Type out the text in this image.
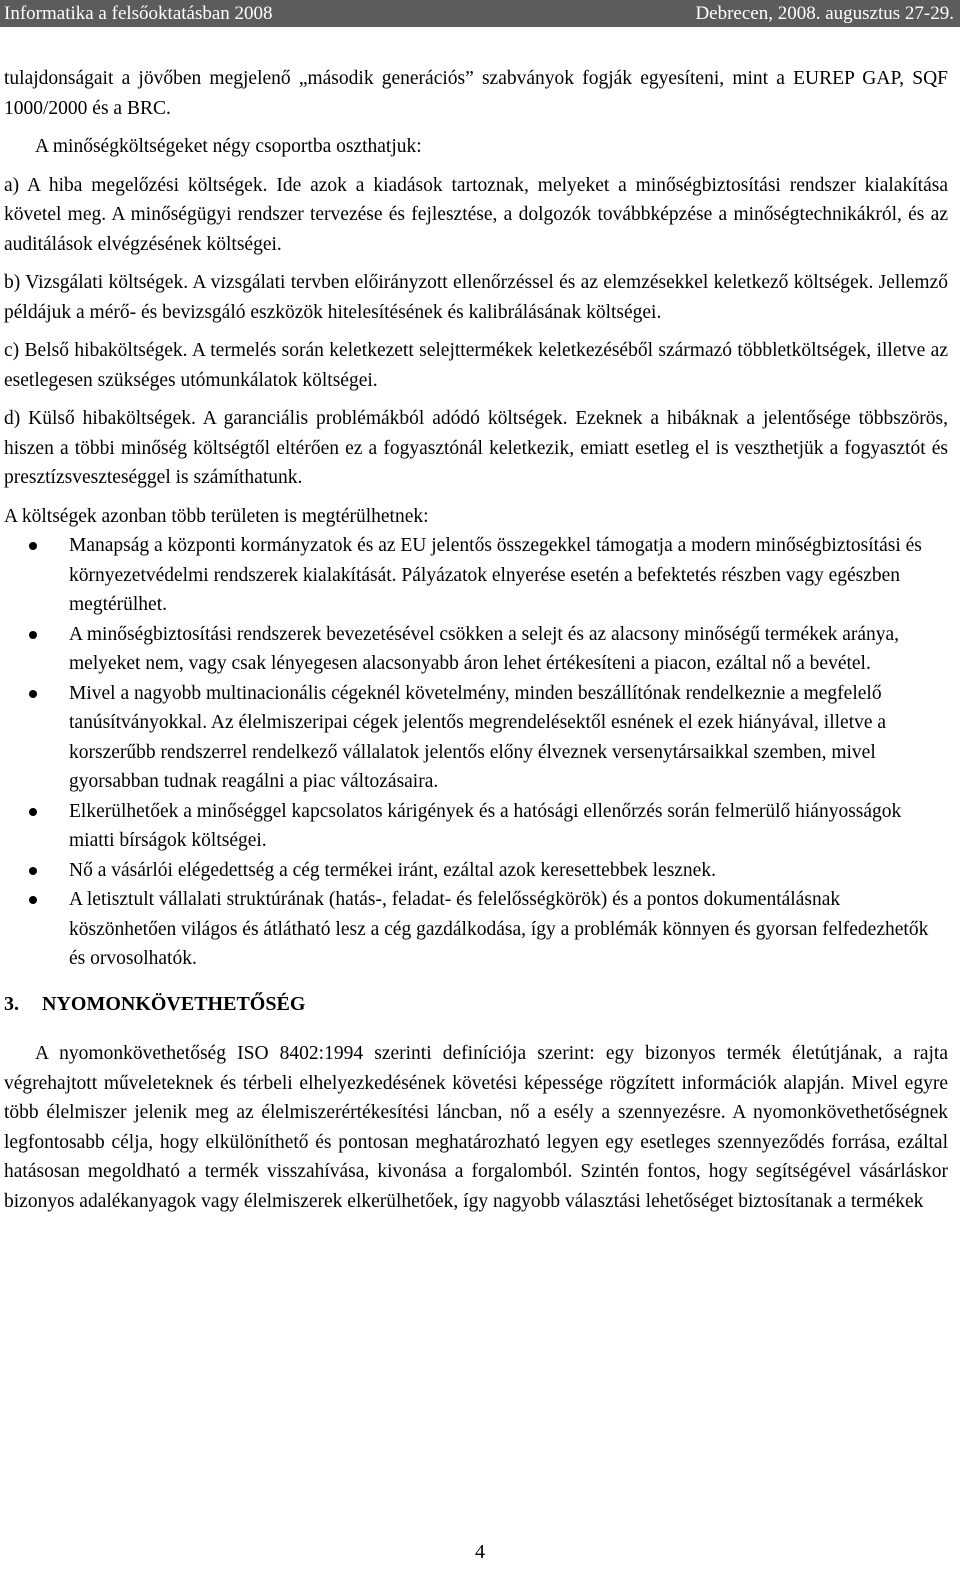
Informatika a felsőoktatásban 2008	Debrecen, 2008. augusztus 27-29.

tulajdonságait a jövőben megjelenő „második generációs” szabványok fogják egyesíteni, mint a EUREP GAP, SQF 1000/2000 és a BRC.

A minőségköltségeket négy csoportba oszthatjuk:

a) A hiba megelőzési költségek. Ide azok a kiadások tartoznak, melyeket a minőségbiztosítási rendszer kialakítása követel meg. A minőségügyi rendszer tervezése és fejlesztése, a dolgozók továbbképzése a minőségtechnikákról, és az auditálások elvégzésének költségei.

b) Vizsgálati költségek. A vizsgálati tervben előirányzott ellenőrzéssel és az elemzésekkel keletkező költségek. Jellemző példájuk a mérő- és bevizsgáló eszközök hitelesítésének és kalibrálásának költségei.

c) Belső hibaköltségek. A termelés során keletkezett selejttermékek keletkezéséből származó többletköltségek, illetve az esetlegesen szükséges utómunkálatok költségei.

d) Külső hibaköltségek. A garanciális problémákból adódó költségek. Ezeknek a hibáknak a jelentősége többszörös, hiszen a többi minőség költségtől eltérően ez a fogyasztónál keletkezik, emiatt esetleg el is veszthetjük a fogyasztót és presztízsveszteséggel is számíthatunk.

A költségek azonban több területen is megtérülhetnek:

Manapság a központi kormányzatok és az EU jelentős összegekkel támogatja a modern minőségbiztosítási és környezetvédelmi rendszerek kialakítását. Pályázatok elnyerése esetén a befektetés részben vagy egészben megtérülhet.
A minőségbiztosítási rendszerek bevezetésével csökken a selejt és az alacsony minőségű termékek aránya, melyeket nem, vagy csak lényegesen alacsonyabb áron lehet értékesíteni a piacon, ezáltal nő a bevétel.
Mivel a nagyobb multinacionális cégeknél követelmény, minden beszállítónak rendelkeznie a megfelelő tanúsítványokkal. Az élelmiszeripai cégek jelentős megrendelésektől esnének el ezek hiányával, illetve a korszerűbb rendszerrel rendelkező vállalatok jelentős előny élveznek versenytársaikkal szemben, mivel gyorsabban tudnak reagálni a piac változásaira.
Elkerülhetőek a minőséggel kapcsolatos kárigények és a hatósági ellenőrzés során felmerülő hiányosságok miatti bírságok költségei.
Nő a vásárlói elégedettség a cég termékei iránt, ezáltal azok keresettebbek lesznek.
A letisztult vállalati struktúrának (hatás-, feladat- és felelősségkörök) és a pontos dokumentálásnak köszönhetően világos és átlátható lesz a cég gazdálkodása, így a problémák könnyen és gyorsan felfedezhetők és orvosolhatók.
3. NYOMONKÖVETHETŐSÉG

A nyomonkövethetőség ISO 8402:1994 szerinti definíciója szerint: egy bizonyos termék életútjának, a rajta végrehajtott műveleteknek és térbeli elhelyezkedésének követési képessége rögzített információk alapján. Mivel egyre több élelmiszer jelenik meg az élelmiszerértékesítési láncban, nő a esély a szennyezésre. A nyomonkövethetőségnek legfontosabb célja, hogy elkülöníthető és pontosan meghatározható legyen egy esetleges szennyeződés forrása, ezáltal hatásosan megoldható a termék visszahívása, kivonása a forgalomból. Szintén fontos, hogy segítségével vásárláskor bizonyos adalékanyagok vagy élelmiszerek elkerülhetőek, így nagyobb választási lehetőséget biztosítanak a termékek

4
